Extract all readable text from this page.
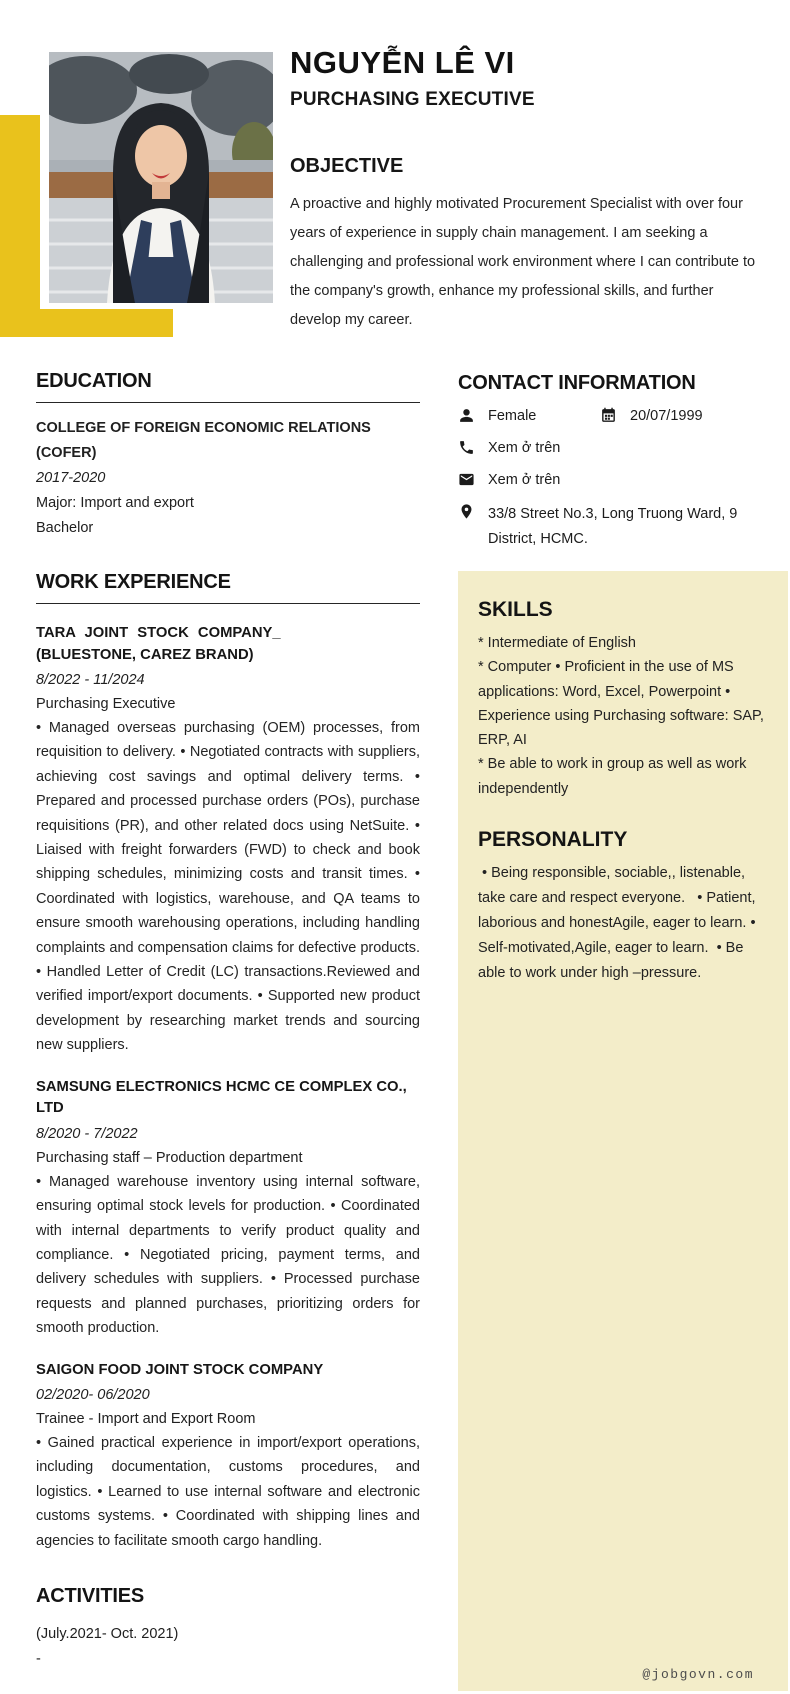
NGUYỄN LÊ VI
PURCHASING EXECUTIVE
OBJECTIVE

A proactive and highly motivated Procurement Specialist with over four years of experience in supply chain management. I am seeking a challenging and professional work environment where I can contribute to the company's growth, enhance my professional skills, and further develop my career.

EDUCATION
COLLEGE OF FOREIGN ECONOMIC RELATIONS (COFER)
2017-2020
Major: Import and export
Bachelor
WORK EXPERIENCE
TARA JOINT STOCK COMPANY_
(BLUESTONE, CAREZ BRAND)
8/2022 - 11/2024
Purchasing Executive

• Managed overseas purchasing (OEM) processes, from requisition to delivery. • Negotiated contracts with suppliers, achieving cost savings and optimal delivery terms. • Prepared and processed purchase orders (POs), purchase requisitions (PR), and other related docs using NetSuite. • Liaised with freight forwarders (FWD) to check and book shipping schedules, minimizing costs and transit times. • Coordinated with logistics, warehouse, and QA teams to ensure smooth warehousing operations, including handling complaints and compensation claims for defective products. • Handled Letter of Credit (LC) transactions.Reviewed and verified import/export documents. • Supported new product development by researching market trends and sourcing new suppliers.

SAMSUNG ELECTRONICS HCMC CE COMPLEX CO., LTD
8/2020 - 7/2022
Purchasing staff – Production department

• Managed warehouse inventory using internal software, ensuring optimal stock levels for production. • Coordinated with internal departments to verify product quality and compliance. • Negotiated pricing, payment terms, and delivery schedules with suppliers. • Processed purchase requests and planned purchases, prioritizing orders for smooth production.

SAIGON FOOD JOINT STOCK COMPANY
02/2020- 06/2020
Trainee - Import and Export Room

• Gained practical experience in import/export operations, including documentation, customs procedures, and logistics. • Learned to use internal software and electronic customs systems. • Coordinated with shipping lines and agencies to facilitate smooth cargo handling.

ACTIVITIES
(July.2021- Oct. 2021)
-
CONTACT INFORMATION
Female	20/07/1999
Xem ở trên
Xem ở trên
33/8 Street No.3, Long Truong Ward, 9 District, HCMC.
SKILLS

* Intermediate of English

* Computer • Proficient in the use of MS applications: Word, Excel, Powerpoint • Experience using Purchasing software: SAP, ERP, AI

* Be able to work in group as well as work independently

PERSONALITY

• Being responsible, sociable,, listenable,  take care and respect everyone.   • Patient, laborious and honestAgile, eager to learn. • Self-motivated,Agile, eager to learn.  • Be able to work under high –pressure.

@jobgovn.com
